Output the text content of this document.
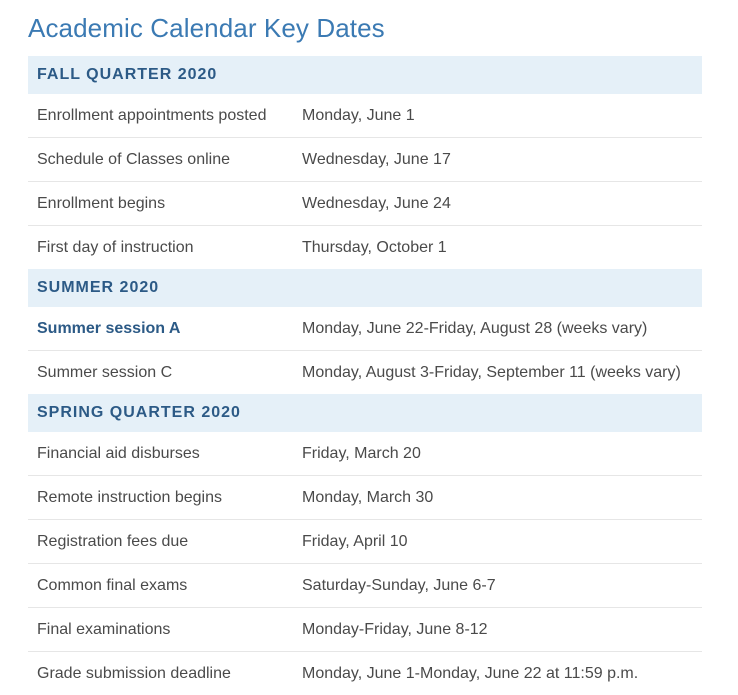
Academic Calendar Key Dates
FALL QUARTER 2020	
Enrollment appointments posted	Monday, June 1
Schedule of Classes online	Wednesday, June 17
Enrollment begins	Wednesday, June 24
First day of instruction	Thursday, October 1
SUMMER 2020	
Summer session A	Monday, June 22-Friday, August 28 (weeks vary)
Summer session C	Monday, August 3-Friday, September 11 (weeks vary)
SPRING QUARTER 2020	
Financial aid disburses	Friday, March 20
Remote instruction begins	Monday, March 30
Registration fees due	Friday, April 10
Common final exams	Saturday-Sunday, June 6-7
Final examinations	Monday-Friday, June 8-12
Grade submission deadline	Monday, June 1-Monday, June 22 at 11:59 p.m.
